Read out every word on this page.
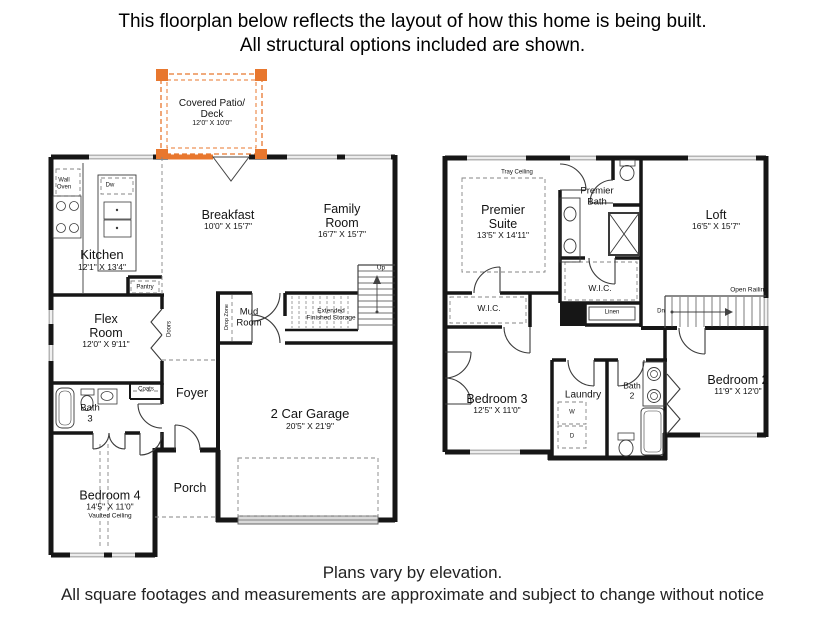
This floorplan below reflects the layout of how this home is being built.
All structural options included are shown.
Covered Patio/
Deck
12'0" X 10'0"
Wall
Oven	Dw
Kitchen
12'1" X 13'4"
Pantry
Breakfast
10'0" X 15'7"
Family
Room
16'7" X 15'7"
Up
Flex
Room
12'0" X 9'11"
Doors	Drop Zone	Mud
Room
Extended
Finished Storage
Coats Foyer
Bath
3	2 Car Garage
20'5" X 21'9"
Porch
Bedroom 4
14'5" X 11'0"
Vaulted Ceiling
Tray Ceiling
Premier
Suite
13'5" X 14'11"
Premier
Bath
Loft
16'5" X 15'7"
W.I.C.
Linen
Open Railing
Dn
W.I.C.
Bedroom 3
12'5" X 11'0"
Laundry
W
D
Bath
2
Bedroom 2
11'9" X 12'0"
Plans vary by elevation.
All square footages and measurements are approximate and subject to change without notice
